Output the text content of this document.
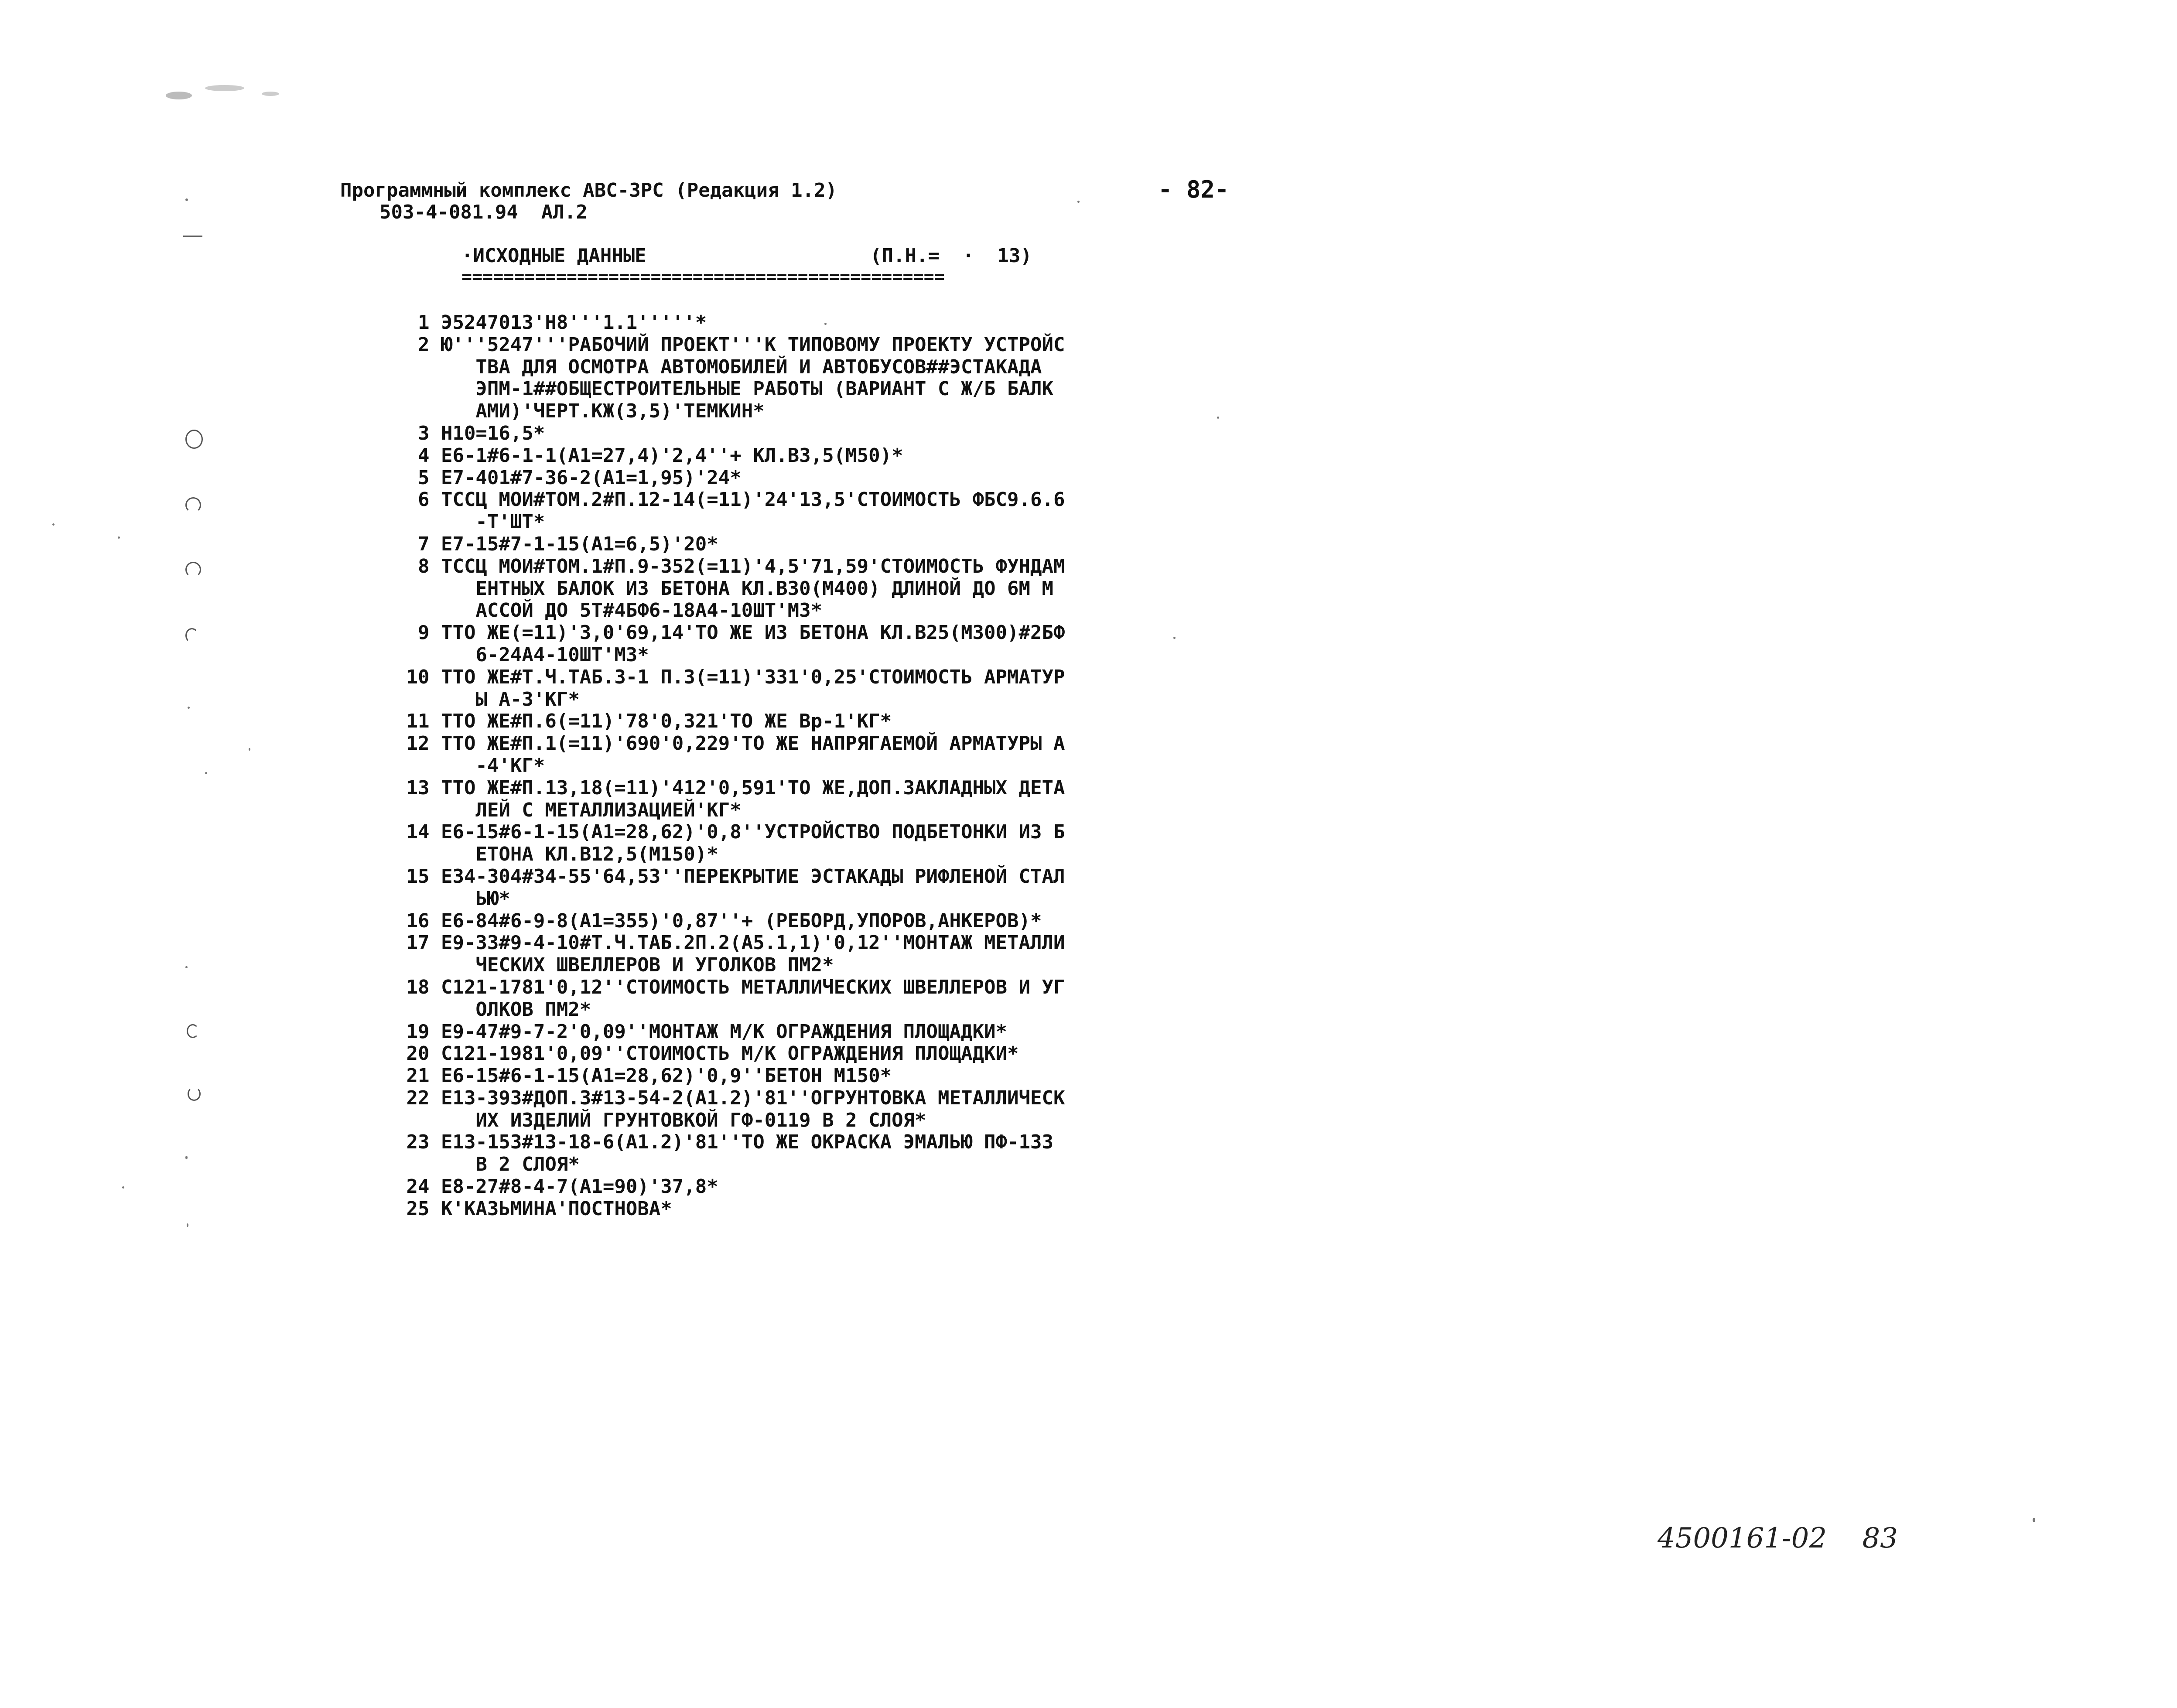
Программный комплекс АВС-3РС (Редакция 1.2)
503-4-081.94  АЛ.2
- 82-
·ИСХОДНЫЕ ДАННЫЕ	(П.Н.=  ·  13)
==============================================
1 Э5247013'Н8'''1.1'''''*
2 Ю'''5247'''РАБОЧИЙ ПРОЕКТ'''К ТИПОВОМУ ПРОЕКТУ УСТРОЙС
ТВА ДЛЯ ОСМОТРА АВТОМОБИЛЕЙ И АВТОБУСОВ##ЭСТАКАДА
ЭПМ-1##ОБЩЕСТРОИТЕЛЬНЫЕ РАБОТЫ (ВАРИАНТ С Ж/Б БАЛК
АМИ)'ЧЕРТ.КЖ(3,5)'ТЕМКИН*
3 Н10=16,5*
4 Е6-1#6-1-1(А1=27,4)'2,4''+ КЛ.В3,5(М50)*
5 Е7-401#7-36-2(А1=1,95)'24*
6 ТССЦ МОИ#ТОМ.2#П.12-14(=11)'24'13,5'СТОИМОСТЬ ФБС9.6.6
-Т'ШТ*
7 Е7-15#7-1-15(А1=6,5)'20*
8 ТССЦ МОИ#ТОМ.1#П.9-352(=11)'4,5'71,59'СТОИМОСТЬ ФУНДАМ
ЕНТНЫХ БАЛОК ИЗ БЕТОНА КЛ.В30(М400) ДЛИНОЙ ДО 6М М
АССОЙ ДО 5Т#4БФ6-18А4-10ШТ'М3*
9 ТТО ЖЕ(=11)'3,0'69,14'ТО ЖЕ ИЗ БЕТОНА КЛ.В25(М300)#2БФ
6-24А4-10ШТ'М3*
10 ТТО ЖЕ#Т.Ч.ТАБ.3-1 П.3(=11)'331'0,25'СТОИМОСТЬ АРМАТУР
Ы А-3'КГ*
11 ТТО ЖЕ#П.6(=11)'78'0,321'ТО ЖЕ Вр-1'КГ*
12 ТТО ЖЕ#П.1(=11)'690'0,229'ТО ЖЕ НАПРЯГАЕМОЙ АРМАТУРЫ А
-4'КГ*
13 ТТО ЖЕ#П.13,18(=11)'412'0,591'ТО ЖЕ,ДОП.ЗАКЛАДНЫХ ДЕТА
ЛЕЙ С МЕТАЛЛИЗАЦИЕЙ'КГ*
14 Е6-15#6-1-15(А1=28,62)'0,8''УСТРОЙСТВО ПОДБЕТОНКИ ИЗ Б
ЕТОНА КЛ.В12,5(М150)*
15 Е34-304#34-55'64,53''ПЕРЕКРЫТИЕ ЭСТАКАДЫ РИФЛЕНОЙ СТАЛ
ЬЮ*
16 Е6-84#6-9-8(А1=355)'0,87''+ (РЕБОРД,УПОРОВ,АНКЕРОВ)*
17 Е9-33#9-4-10#Т.Ч.ТАБ.2П.2(А5.1,1)'0,12''МОНТАЖ МЕТАЛЛИ
ЧЕСКИХ ШВЕЛЛЕРОВ И УГОЛКОВ ПМ2*
18 С121-1781'0,12''СТОИМОСТЬ МЕТАЛЛИЧЕСКИХ ШВЕЛЛЕРОВ И УГ
ОЛКОВ ПМ2*
19 Е9-47#9-7-2'0,09''МОНТАЖ М/К ОГРАЖДЕНИЯ ПЛОЩАДКИ*
20 С121-1981'0,09''СТОИМОСТЬ М/К ОГРАЖДЕНИЯ ПЛОЩАДКИ*
21 Е6-15#6-1-15(А1=28,62)'0,9''БЕТОН М150*
22 Е13-393#ДОП.3#13-54-2(А1.2)'81''ОГРУНТОВКА МЕТАЛЛИЧЕСК
ИХ ИЗДЕЛИЙ ГРУНТОВКОЙ ГФ-0119 В 2 СЛОЯ*
23 Е13-153#13-18-6(А1.2)'81''ТО ЖЕ ОКРАСКА ЭМАЛЬЮ ПФ-133
В 2 СЛОЯ*
24 Е8-27#8-4-7(А1=90)'37,8*
25 К'КАЗЬМИНА'ПОСТНОВА*
4500161-02    83
